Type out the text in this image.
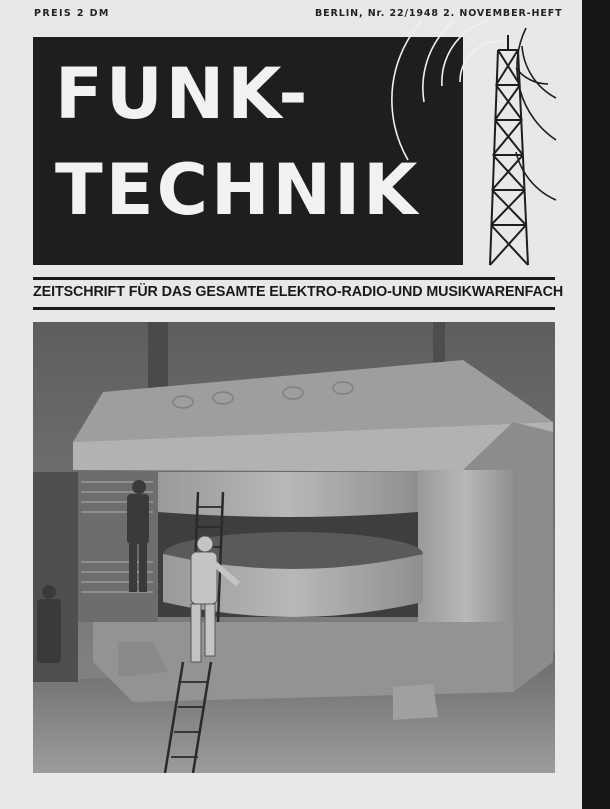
PREIS 2 DM	BERLIN, Nr. 22/1948 2. NOVEMBER-HEFT
FUNK-
TECHNIK
ZEITSCHRIFT FÜR DAS GESAMTE ELEKTRO-RADIO-UND MUSIKWARENFACH
